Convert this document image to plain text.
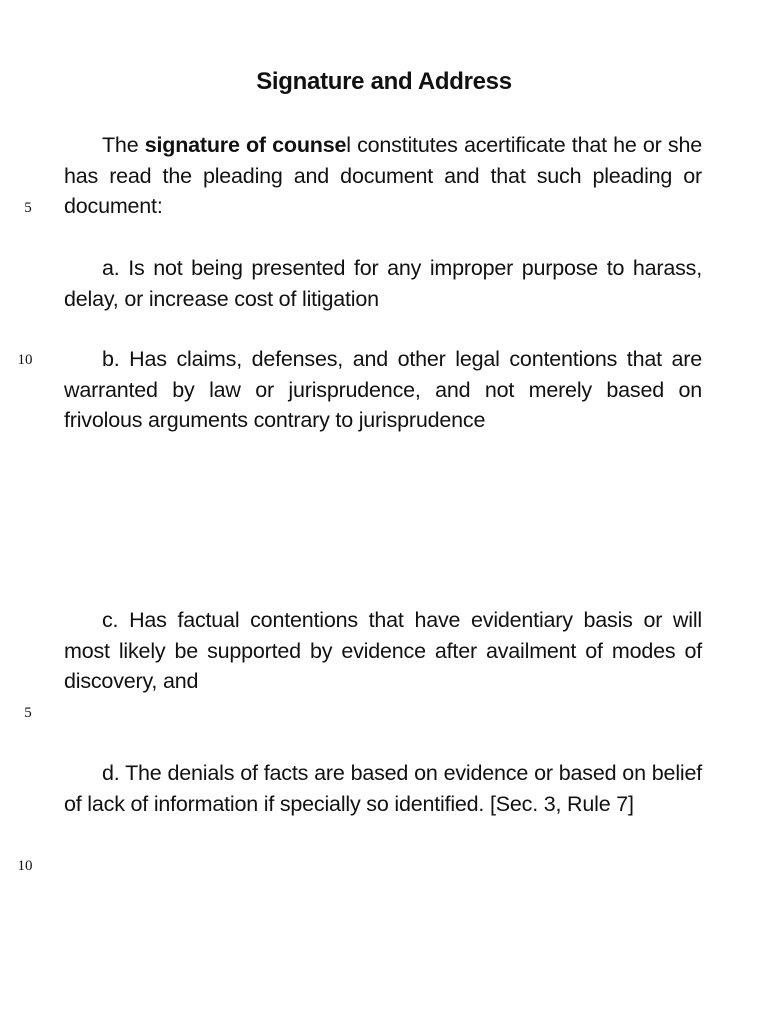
Signature and Address

The signature of counsel constitutes acertificate that he or she has read the pleading and document and that such pleading or document:

a. Is not being presented for any improper purpose to harass, delay, or increase cost of litigation

b. Has claims, defenses, and other legal contentions that are warranted by law or jurisprudence, and not merely based on frivolous arguments contrary to jurisprudence

c. Has factual contentions that have evidentiary basis or will most likely be supported by evidence after availment of modes of discovery, and

d. The denials of facts are based on evidence or based on belief of lack of information if specially so identified. [Sec. 3, Rule 7]

5
10
5
10
